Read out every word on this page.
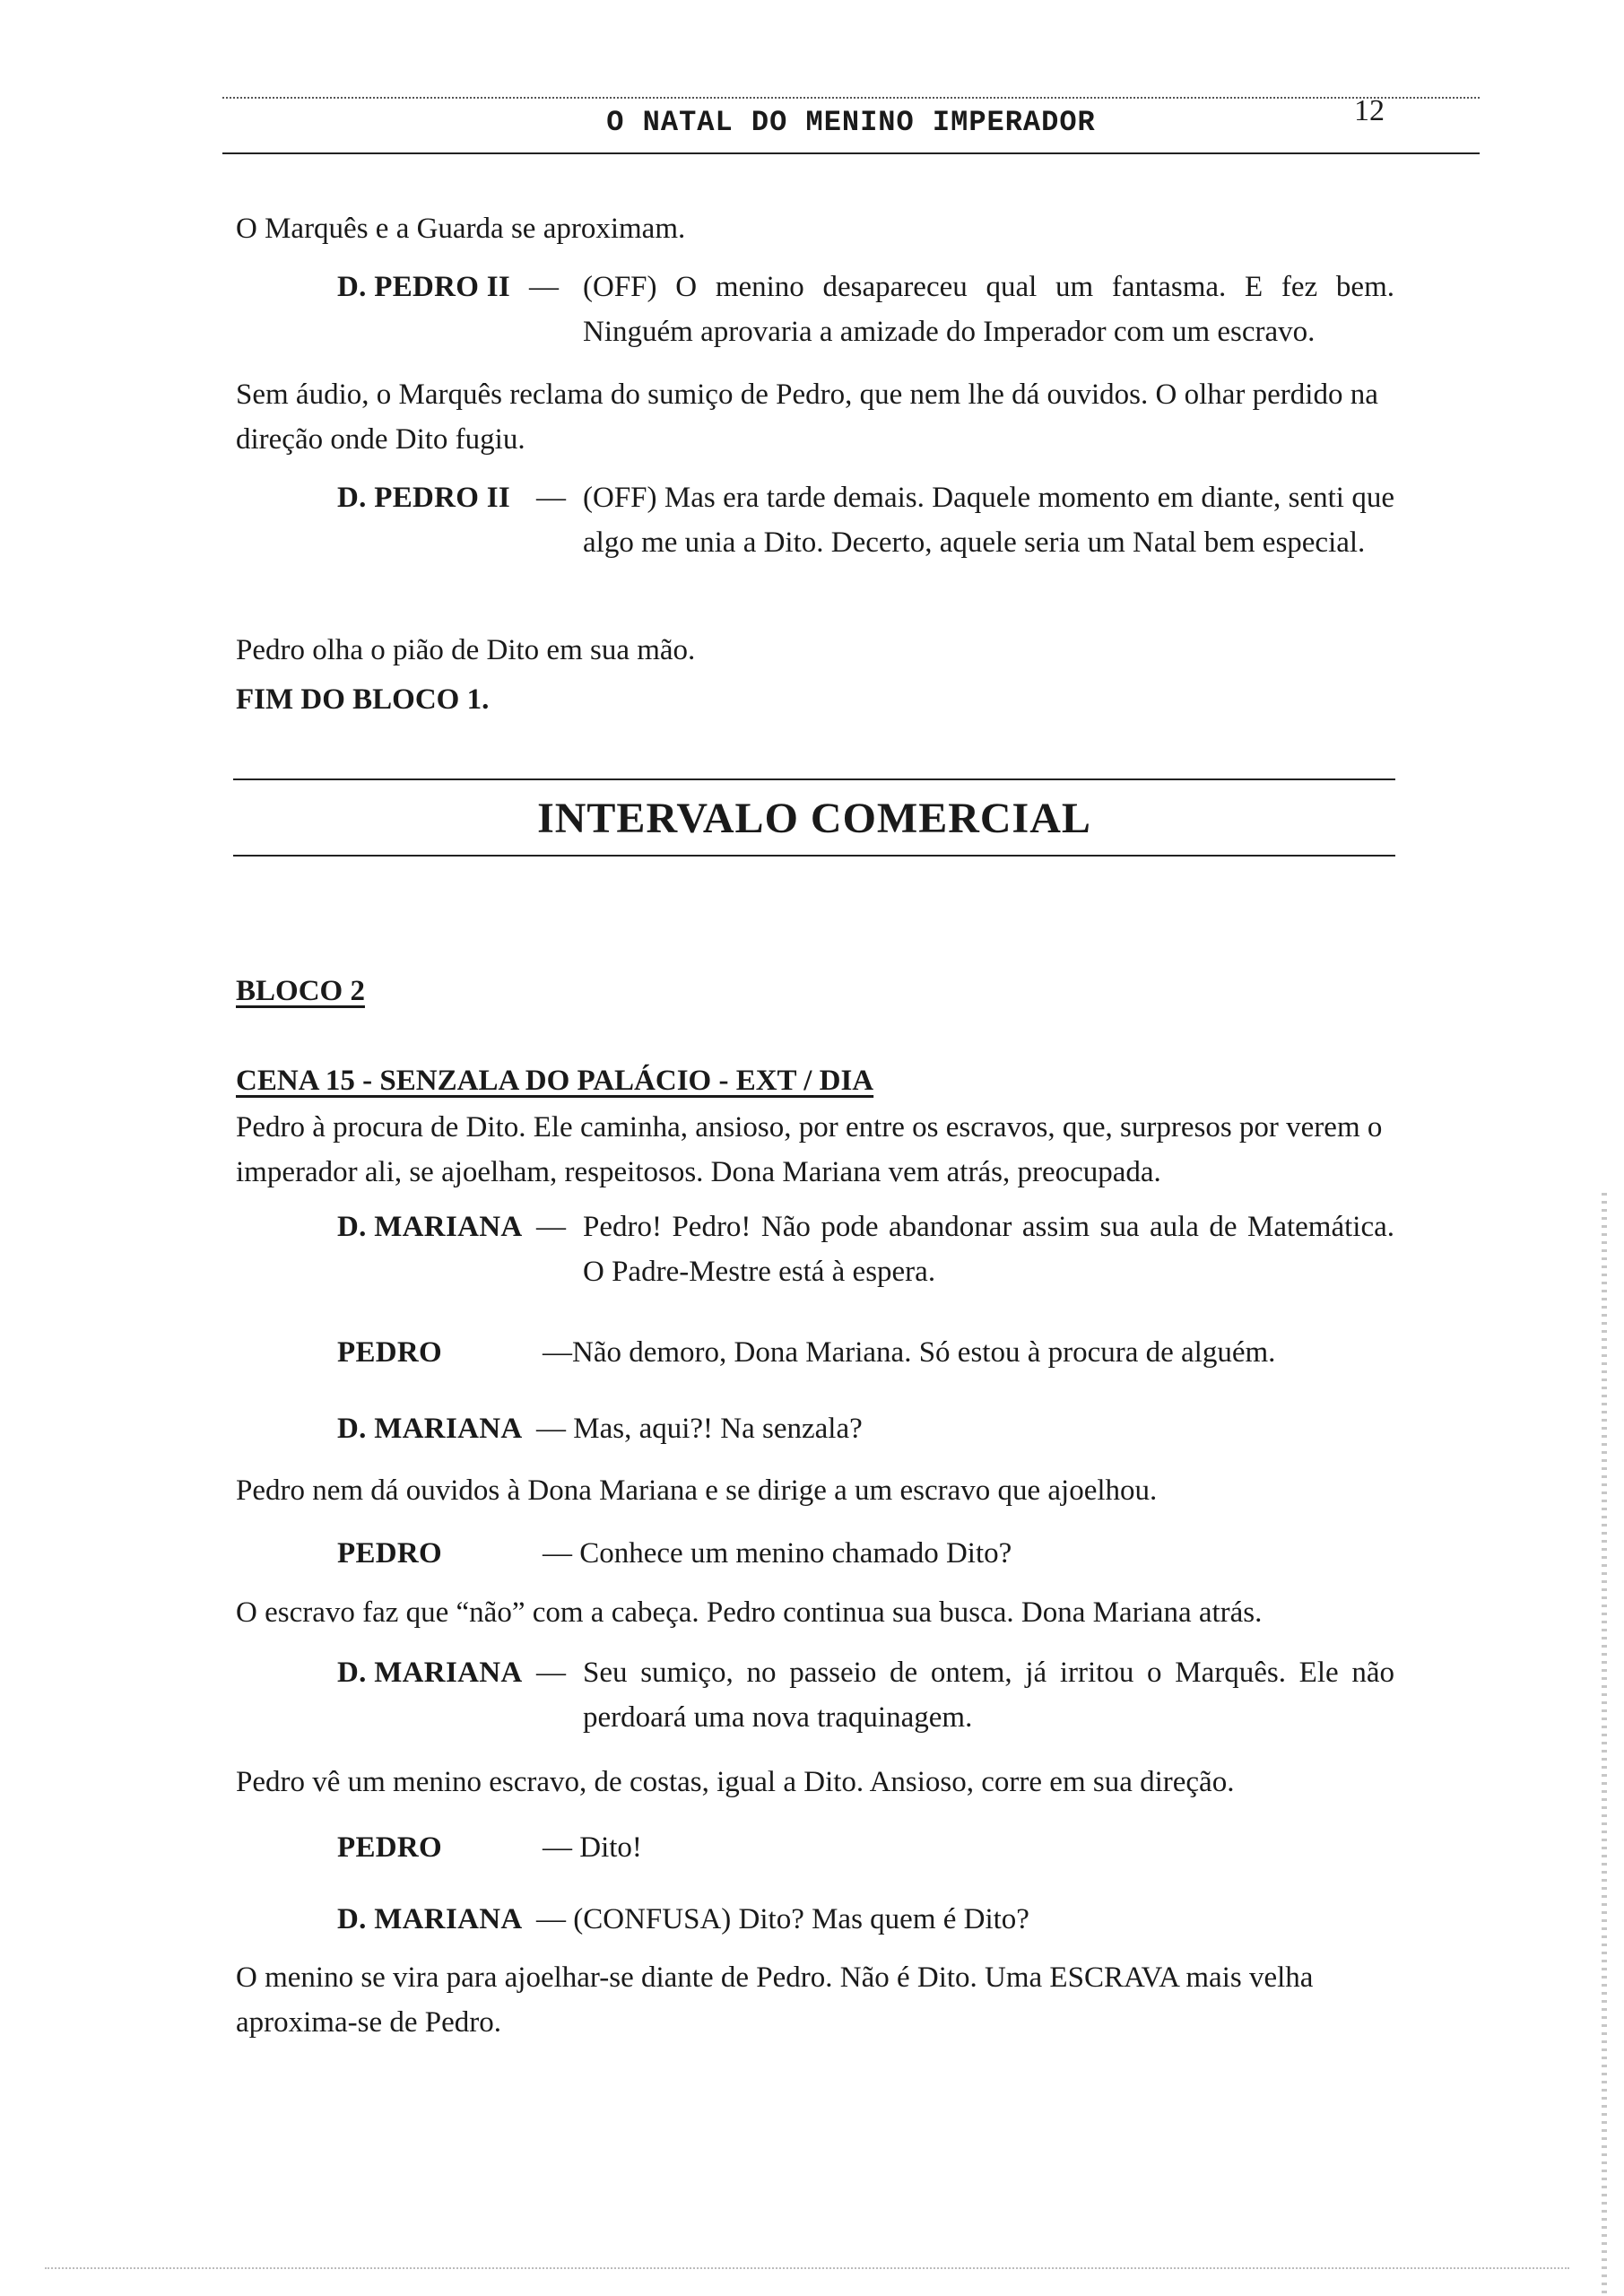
O NATAL DO MENINO IMPERADOR	12
O Marquês e a Guarda se aproximam.
D. PEDRO II — (OFF) O menino desapareceu qual um fantasma. E fez bem. Ninguém aprovaria a amizade do Imperador com um escravo.
Sem áudio, o Marquês reclama do sumiço de Pedro, que nem lhe dá ouvidos. O olhar perdido na direção onde Dito fugiu.
D. PEDRO II — (OFF) Mas era tarde demais. Daquele momento em diante, senti que algo me unia a Dito. Decerto, aquele seria um Natal bem especial.
Pedro olha o pião de Dito em sua mão.
FIM DO BLOCO 1.
INTERVALO COMERCIAL
BLOCO 2
CENA 15 - SENZALA DO PALÁCIO - EXT / DIA
Pedro à procura de Dito. Ele caminha, ansioso, por entre os escravos, que, surpresos por verem o imperador ali, se ajoelham, respeitosos. Dona Mariana vem atrás, preocupada.
D. MARIANA — Pedro! Pedro! Não pode abandonar assim sua aula de Matemática. O Padre-Mestre está à espera.
PEDRO	—Não demoro, Dona Mariana. Só estou à procura de alguém.
D. MARIANA — Mas, aqui?! Na senzala?
Pedro nem dá ouvidos à Dona Mariana e se dirige a um escravo que ajoelhou.
PEDRO	— Conhece um menino chamado Dito?
O escravo faz que “não” com a cabeça. Pedro continua sua busca. Dona Mariana atrás.
D. MARIANA — Seu sumiço, no passeio de ontem, já irritou o Marquês. Ele não perdoará uma nova traquinagem.
Pedro vê um menino escravo, de costas, igual a Dito. Ansioso, corre em sua direção.
PEDRO	— Dito!
D. MARIANA — (CONFUSA) Dito? Mas quem é Dito?
O menino se vira para ajoelhar-se diante de Pedro. Não é Dito. Uma ESCRAVA mais velha aproxima-se de Pedro.
